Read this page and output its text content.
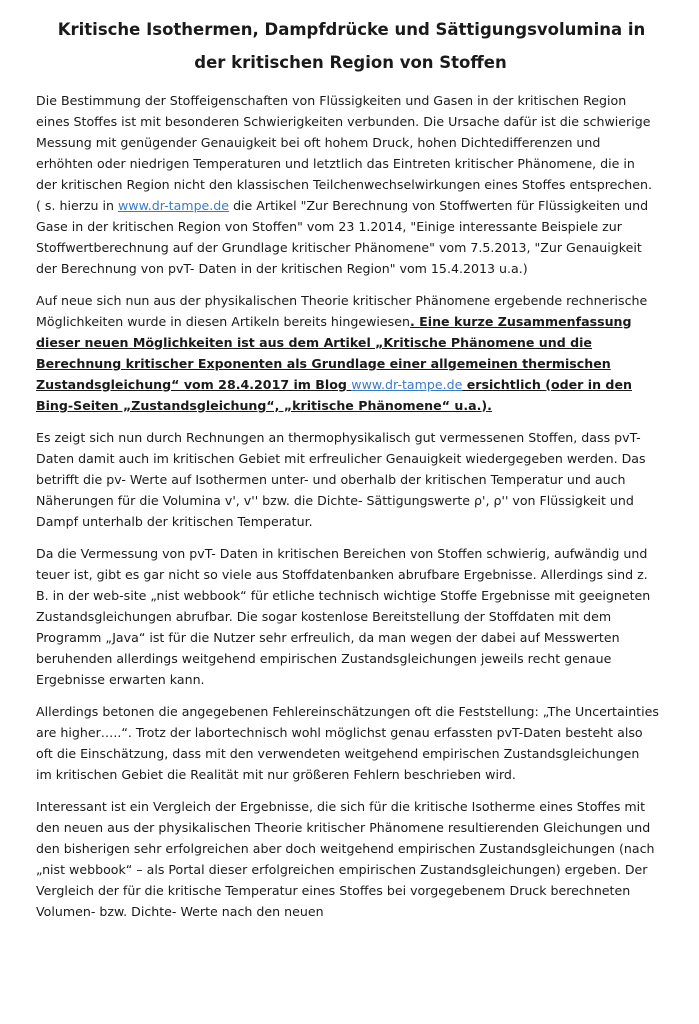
Kritische Isothermen, Dampfdrücke und Sättigungsvolumina in
der kritischen Region von Stoffen

Die Bestimmung der Stoffeigenschaften von Flüssigkeiten und Gasen in der kritischen Region eines Stoffes ist mit besonderen Schwierigkeiten verbunden. Die Ursache dafür ist die schwierige Messung mit genügender Genauigkeit bei oft hohem Druck, hohen Dichtedifferenzen und erhöhten oder niedrigen Temperaturen und letztlich das Eintreten kritischer Phänomene, die in der kritischen Region nicht den klassischen Teilchenwechselwirkungen eines Stoffes entsprechen. ( s. hierzu in www.dr-tampe.de die Artikel "Zur Berechnung von Stoffwerten für Flüssigkeiten und Gase in der kritischen Region von Stoffen" vom 23 1.2014, "Einige interessante Beispiele zur Stoffwertberechnung auf der Grundlage kritischer Phänomene" vom 7.5.2013, "Zur Genauigkeit der Berechnung von pvT- Daten in der kritischen Region" vom 15.4.2013 u.a.)

Auf neue sich nun aus der physikalischen Theorie kritischer Phänomene ergebende rechnerische Möglichkeiten wurde in diesen Artikeln bereits hingewiesen. Eine kurze Zusammenfassung dieser neuen Möglichkeiten ist aus dem Artikel „Kritische Phänomene und die Berechnung kritischer Exponenten als Grundlage einer allgemeinen thermischen Zustandsgleichung“ vom 28.4.2017 im Blog www.dr-tampe.de ersichtlich (oder in den Bing-Seiten „Zustandsgleichung“, „kritische Phänomene“ u.a.).

Es zeigt sich nun durch Rechnungen an thermophysikalisch gut vermessenen Stoffen, dass pvT- Daten damit auch im kritischen Gebiet mit erfreulicher Genauigkeit wiedergegeben werden. Das betrifft die pv- Werte auf Isothermen unter- und oberhalb der kritischen Temperatur und auch Näherungen für die Volumina v', v'' bzw. die Dichte- Sättigungswerte ρ', ρ'' von Flüssigkeit und Dampf unterhalb der kritischen Temperatur.

Da die Vermessung von pvT- Daten in kritischen Bereichen von Stoffen schwierig, aufwändig und teuer ist, gibt es gar nicht so viele aus Stoffdatenbanken abrufbare Ergebnisse. Allerdings sind z. B. in der web-site „nist webbook“ für etliche technisch wichtige Stoffe Ergebnisse mit geeigneten Zustandsgleichungen abrufbar. Die sogar kostenlose Bereitstellung der Stoffdaten mit dem Programm „Java“ ist für die Nutzer sehr erfreulich, da man wegen der dabei auf Messwerten beruhenden allerdings weitgehend empirischen Zustandsgleichungen jeweils recht genaue Ergebnisse erwarten kann.

Allerdings betonen die angegebenen Fehlereinschätzungen oft die Feststellung: „The Uncertainties are higher…..“. Trotz der labortechnisch wohl möglichst genau erfassten pvT-Daten besteht also oft die Einschätzung, dass mit den verwendeten weitgehend empirischen Zustandsgleichungen im kritischen Gebiet die Realität mit nur größeren Fehlern beschrieben wird.

Interessant ist ein Vergleich der Ergebnisse, die sich für die kritische Isotherme eines Stoffes mit den neuen aus der physikalischen Theorie kritischer Phänomene resultierenden Gleichungen und den bisherigen sehr erfolgreichen aber doch weitgehend empirischen Zustandsgleichungen (nach „nist webbook“ – als Portal dieser erfolgreichen empirischen Zustandsgleichungen) ergeben. Der Vergleich der für die kritische Temperatur eines Stoffes bei vorgegebenem Druck berechneten Volumen- bzw. Dichte- Werte nach den neuen
